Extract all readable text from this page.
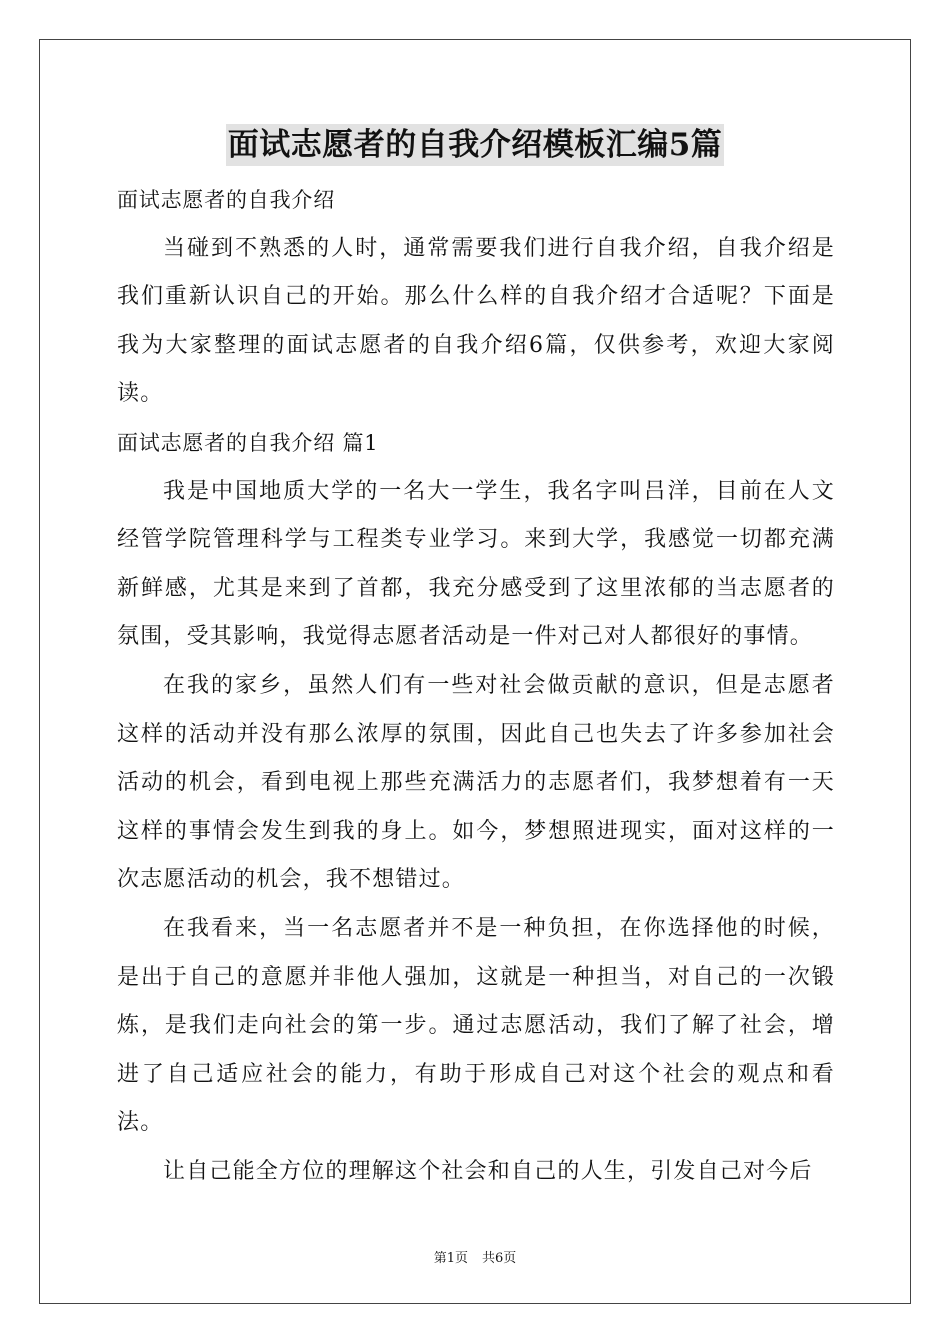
面试志愿者的自我介绍模板汇编5篇

面试志愿者的自我介绍

当碰到不熟悉的人时，通常需要我们进行自我介绍，自我介绍是我们重新认识自己的开始。那么什么样的自我介绍才合适呢？下面是我为大家整理的面试志愿者的自我介绍6篇，仅供参考，欢迎大家阅读。

面试志愿者的自我介绍 篇1

我是中国地质大学的一名大一学生，我名字叫吕洋，目前在人文经管学院管理科学与工程类专业学习。来到大学，我感觉一切都充满新鲜感，尤其是来到了首都，我充分感受到了这里浓郁的当志愿者的氛围，受其影响，我觉得志愿者活动是一件对己对人都很好的事情。

在我的家乡，虽然人们有一些对社会做贡献的意识，但是志愿者这样的活动并没有那么浓厚的氛围，因此自己也失去了许多参加社会活动的机会，看到电视上那些充满活力的志愿者们，我梦想着有一天这样的事情会发生到我的身上。如今，梦想照进现实，面对这样的一次志愿活动的机会，我不想错过。

在我看来，当一名志愿者并不是一种负担，在你选择他的时候，是出于自己的意愿并非他人强加，这就是一种担当，对自己的一次锻炼，是我们走向社会的第一步。通过志愿活动，我们了解了社会，增进了自己适应社会的能力，有助于形成自己对这个社会的观点和看法。

让自己能全方位的理解这个社会和自己的人生，引发自己对今后

第1页 共6页
